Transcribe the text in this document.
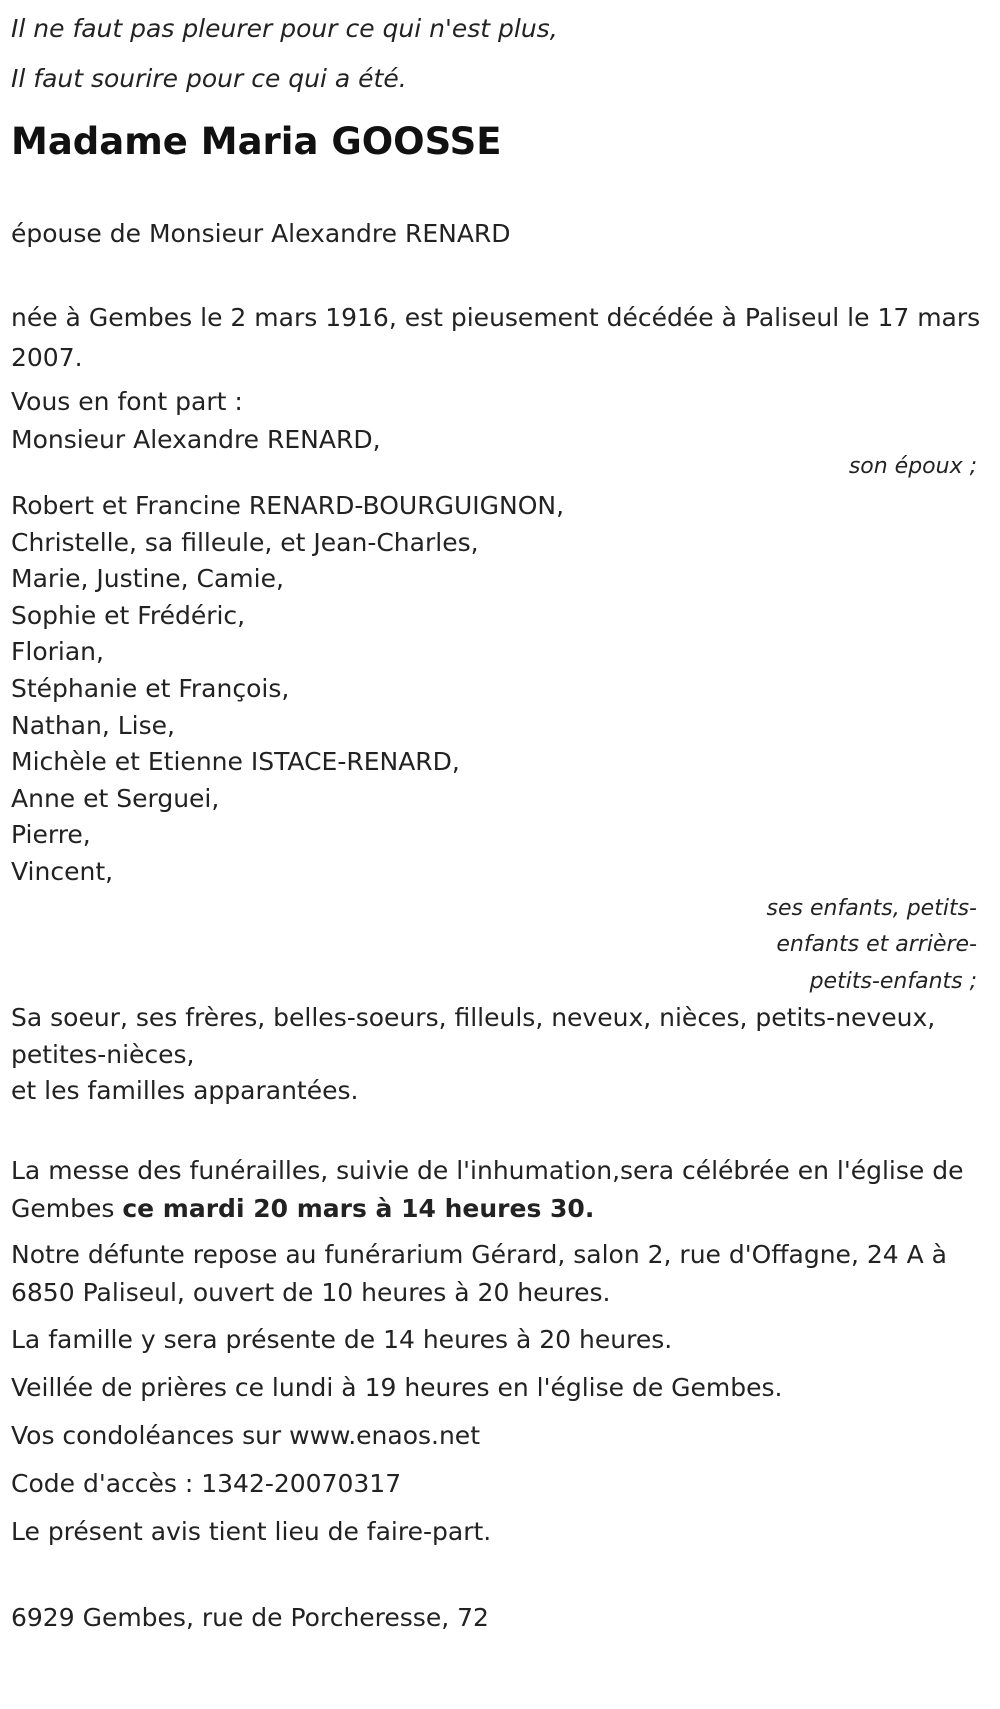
Il ne faut pas pleurer pour ce qui n'est plus,
Il faut sourire pour ce qui a été.
Madame Maria GOOSSE
épouse de Monsieur Alexandre RENARD
née à Gembes le 2 mars 1916, est pieusement décédée à Paliseul le 17 mars 2007.
Vous en font part :
Monsieur Alexandre RENARD,
son époux ;
Robert et Francine RENARD-BOURGUIGNON,
Christelle, sa filleule, et Jean-Charles,
Marie, Justine, Camie,
Sophie et Frédéric,
Florian,
Stéphanie et François,
Nathan, Lise,
Michèle et Etienne ISTACE-RENARD,
Anne et Serguei,
Pierre,
Vincent,
ses enfants, petits-
enfants et arrière-
petits-enfants ;
Sa soeur, ses frères, belles-soeurs, filleuls, neveux, nièces, petits-neveux, petites-nièces,
et les familles apparantées.
La messe des funérailles, suivie de l'inhumation,sera célébrée en l'église de Gembes ce mardi 20 mars à 14 heures 30.
Notre défunte repose au funérarium Gérard, salon 2, rue d'Offagne, 24 A à 6850 Paliseul, ouvert de 10 heures à 20 heures.
La famille y sera présente de 14 heures à 20 heures.
Veillée de prières ce lundi à 19 heures en l'église de Gembes.
Vos condoléances sur www.enaos.net
Code d'accès : 1342-20070317
Le présent avis tient lieu de faire-part.
6929 Gembes, rue de Porcheresse, 72
